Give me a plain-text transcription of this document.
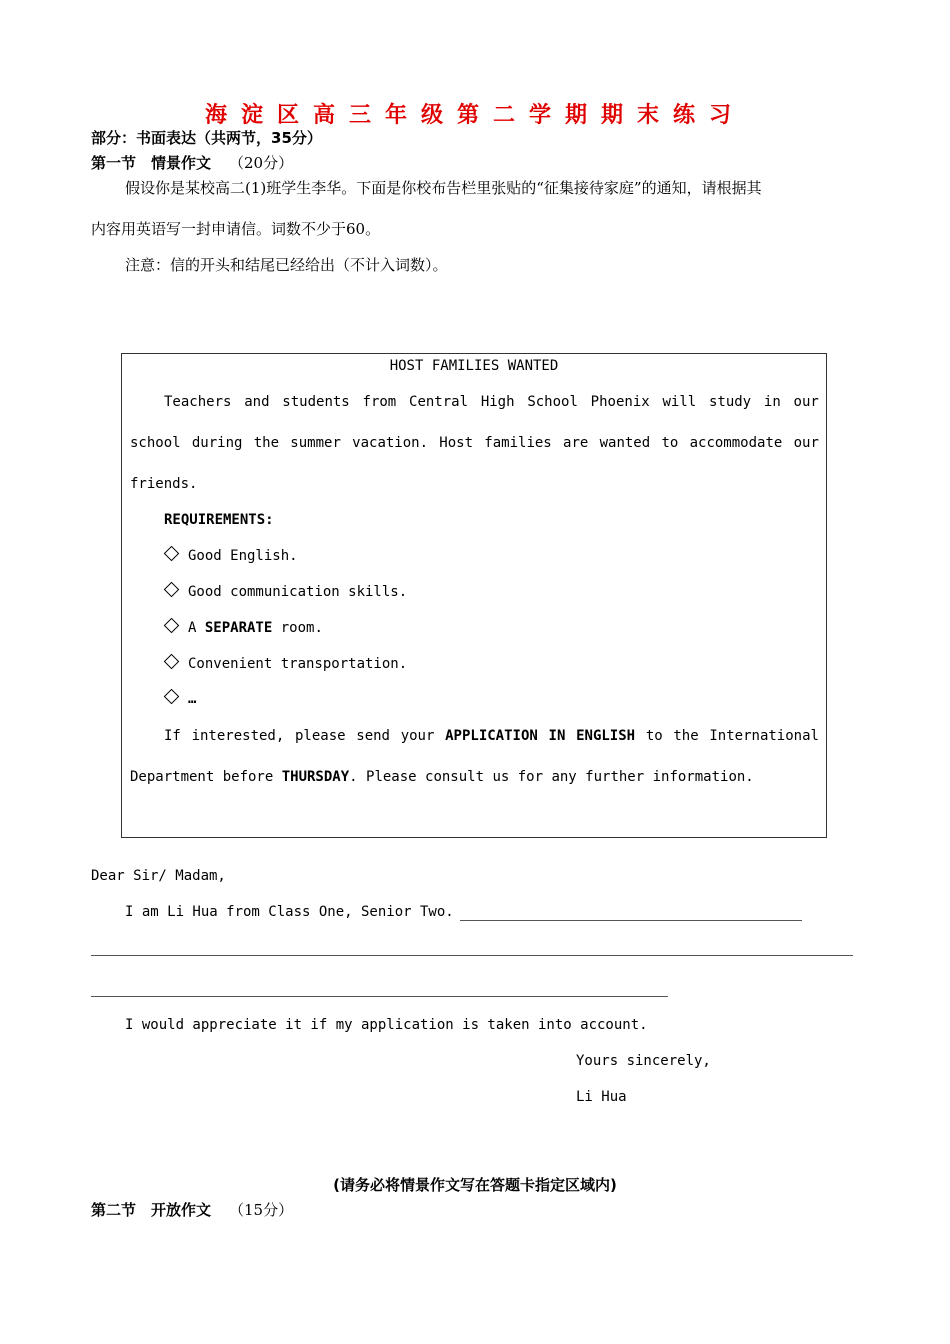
海淀区高三年级第二学期期末练习
部分：书面表达（共两节，35分）
第一节　情景作文 （20分）
假设你是某校高二(1)班学生李华。下面是你校布告栏里张贴的“征集接待家庭”的通知，请根据其
内容用英语写一封申请信。词数不少于60。
注意：信的开头和结尾已经给出（不计入词数）。
HOST FAMILIES WANTED
Teachers and students from Central High School Phoenix will study in our
school during the summer vacation. Host families are wanted to accommodate our
friends.
REQUIREMENTS:
Good English.
Good communication skills.
A SEPARATE room.
Convenient transportation.
…
If interested, please send your APPLICATION IN ENGLISH to the International
Department before THURSDAY. Please consult us for any further information.
Dear Sir/ Madam,
I am Li Hua from Class One, Senior Two.
I would appreciate it if my application is taken into account.
Yours sincerely,
Li Hua
(请务必将情景作文写在答题卡指定区域内)
第二节　开放作文 （15分）
